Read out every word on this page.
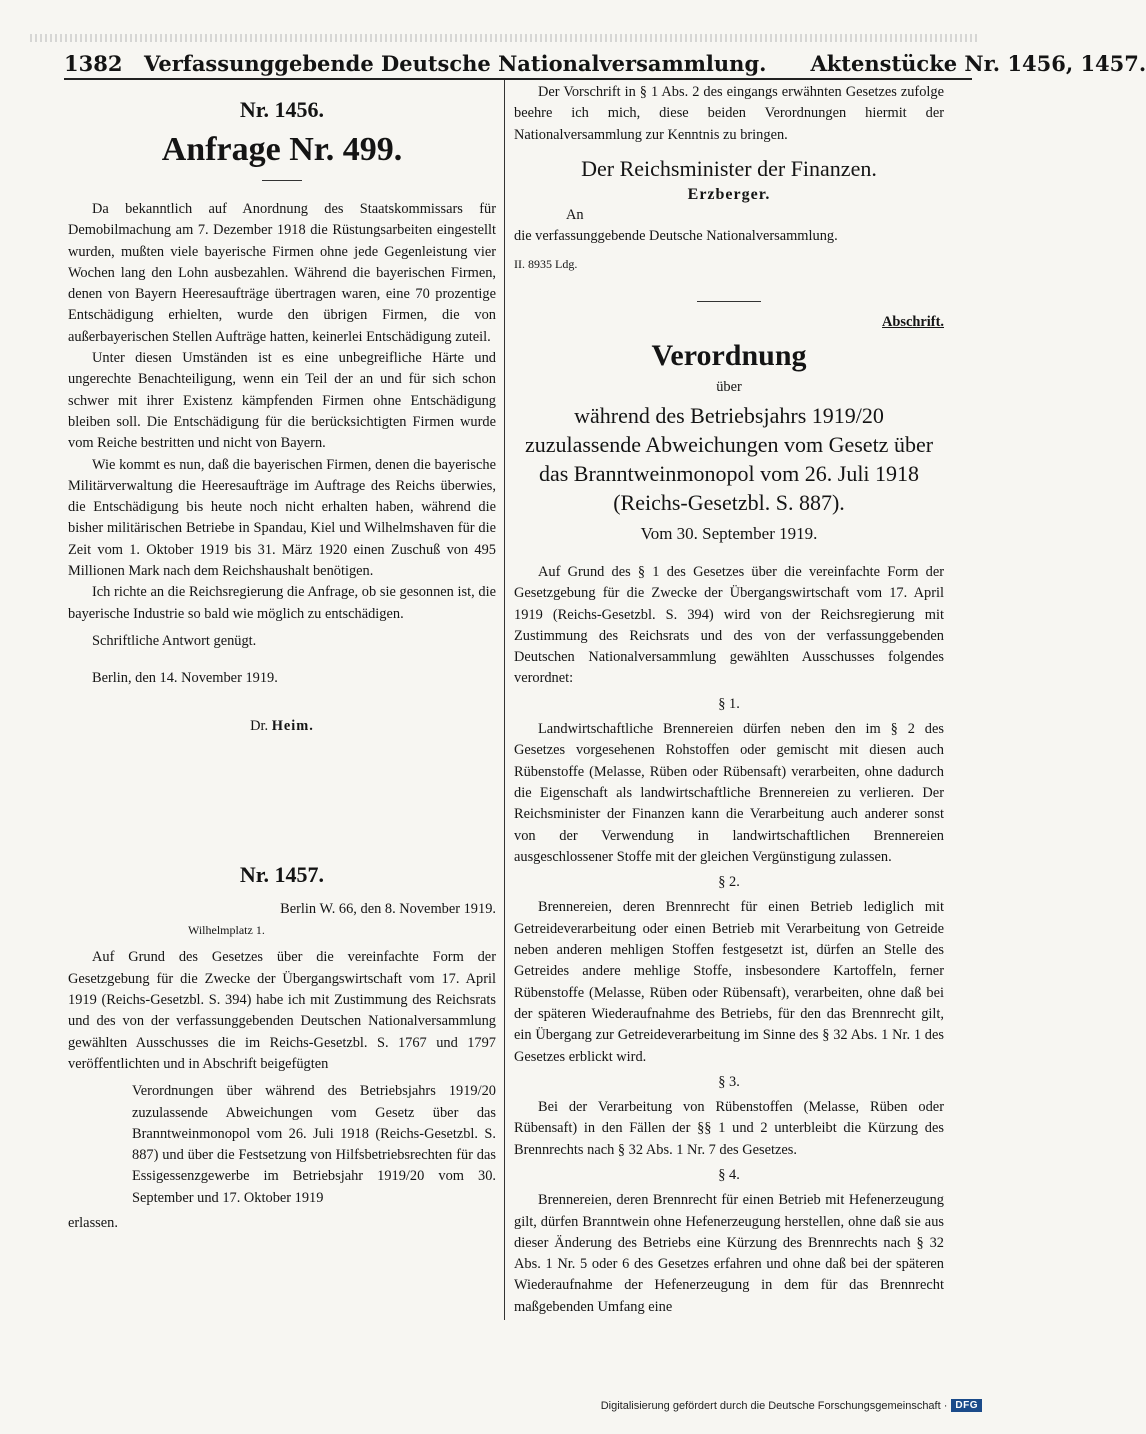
1382 Verfassunggebende Deutsche Nationalversammlung. Aktenstücke Nr. 1456, 1457.
Nr. 1456.
Anfrage Nr. 499.

Da bekanntlich auf Anordnung des Staatskommissars für Demobilmachung am 7. Dezember 1918 die Rüstungsarbeiten eingestellt wurden, mußten viele bayerische Firmen ohne jede Gegenleistung vier Wochen lang den Lohn ausbezahlen. Während die bayerischen Firmen, denen von Bayern Heeresaufträge übertragen waren, eine 70 prozentige Entschädigung erhielten, wurde den übrigen Firmen, die von außerbayerischen Stellen Aufträge hatten, keinerlei Entschädigung zuteil.

Unter diesen Umständen ist es eine unbegreifliche Härte und ungerechte Benachteiligung, wenn ein Teil der an und für sich schon schwer mit ihrer Existenz kämpfenden Firmen ohne Entschädigung bleiben soll. Die Entschädigung für die berücksichtigten Firmen wurde vom Reiche bestritten und nicht von Bayern.

Wie kommt es nun, daß die bayerischen Firmen, denen die bayerische Militärverwaltung die Heeresaufträge im Auftrage des Reichs überwies, die Entschädigung bis heute noch nicht erhalten haben, während die bisher militärischen Betriebe in Spandau, Kiel und Wilhelmshaven für die Zeit vom 1. Oktober 1919 bis 31. März 1920 einen Zuschuß von 495 Millionen Mark nach dem Reichshaushalt benötigen.

Ich richte an die Reichsregierung die Anfrage, ob sie gesonnen ist, die bayerische Industrie so bald wie möglich zu entschädigen.

Schriftliche Antwort genügt.

Berlin, den 14. November 1919.

Dr. Heim.
Nr. 1457.
Berlin W. 66, den 8. November 1919.
Wilhelmplatz 1.

Auf Grund des Gesetzes über die vereinfachte Form der Gesetzgebung für die Zwecke der Übergangswirtschaft vom 17. April 1919 (Reichs-Gesetzbl. S. 394) habe ich mit Zustimmung des Reichsrats und des von der verfassunggebenden Deutschen Nationalversammlung gewählten Ausschusses die im Reichs-Gesetzbl. S. 1767 und 1797 veröffentlichten und in Abschrift beigefügten

Verordnungen über während des Betriebsjahrs 1919/20 zuzulassende Abweichungen vom Gesetz über das Branntweinmonopol vom 26. Juli 1918 (Reichs-Gesetzbl. S. 887) und über die Festsetzung von Hilfsbetriebsrechten für das Essigessenzgewerbe im Betriebsjahr 1919/20 vom 30. September und 17. Oktober 1919

erlassen.

Der Vorschrift in § 1 Abs. 2 des eingangs erwähnten Gesetzes zufolge beehre ich mich, diese beiden Verordnungen hiermit der Nationalversammlung zur Kenntnis zu bringen.

Der Reichsminister der Finanzen.
Erzberger.
An
die verfassunggebende Deutsche Nationalversammlung.
II. 8935 Ldg.
Abschrift.
Verordnung
über
während des Betriebsjahrs 1919/20 zuzulassende Abweichungen vom Gesetz über das Branntweinmonopol vom 26. Juli 1918 (Reichs-Gesetzbl. S. 887).
Vom 30. September 1919.

Auf Grund des § 1 des Gesetzes über die vereinfachte Form der Gesetzgebung für die Zwecke der Übergangswirtschaft vom 17. April 1919 (Reichs-Gesetzbl. S. 394) wird von der Reichsregierung mit Zustimmung des Reichsrats und des von der verfassunggebenden Deutschen Nationalversammlung gewählten Ausschusses folgendes verordnet:

§ 1.

Landwirtschaftliche Brennereien dürfen neben den im § 2 des Gesetzes vorgesehenen Rohstoffen oder gemischt mit diesen auch Rübenstoffe (Melasse, Rüben oder Rübensaft) verarbeiten, ohne dadurch die Eigenschaft als landwirtschaftliche Brennereien zu verlieren. Der Reichsminister der Finanzen kann die Verarbeitung auch anderer sonst von der Verwendung in landwirtschaftlichen Brennereien ausgeschlossener Stoffe mit der gleichen Vergünstigung zulassen.

§ 2.

Brennereien, deren Brennrecht für einen Betrieb lediglich mit Getreideverarbeitung oder einen Betrieb mit Verarbeitung von Getreide neben anderen mehligen Stoffen festgesetzt ist, dürfen an Stelle des Getreides andere mehlige Stoffe, insbesondere Kartoffeln, ferner Rübenstoffe (Melasse, Rüben oder Rübensaft), verarbeiten, ohne daß bei der späteren Wiederaufnahme des Betriebs, für den das Brennrecht gilt, ein Übergang zur Getreideverarbeitung im Sinne des § 32 Abs. 1 Nr. 1 des Gesetzes erblickt wird.

§ 3.

Bei der Verarbeitung von Rübenstoffen (Melasse, Rüben oder Rübensaft) in den Fällen der §§ 1 und 2 unterbleibt die Kürzung des Brennrechts nach § 32 Abs. 1 Nr. 7 des Gesetzes.

§ 4.

Brennereien, deren Brennrecht für einen Betrieb mit Hefenerzeugung gilt, dürfen Branntwein ohne Hefenerzeugung herstellen, ohne daß sie aus dieser Änderung des Betriebs eine Kürzung des Brennrechts nach § 32 Abs. 1 Nr. 5 oder 6 des Gesetzes erfahren und ohne daß bei der späteren Wiederaufnahme der Hefenerzeugung in dem für das Brennrecht maßgebenden Umfang eine

Digitalisierung gefördert durch die Deutsche Forschungsgemeinschaft · DFG
